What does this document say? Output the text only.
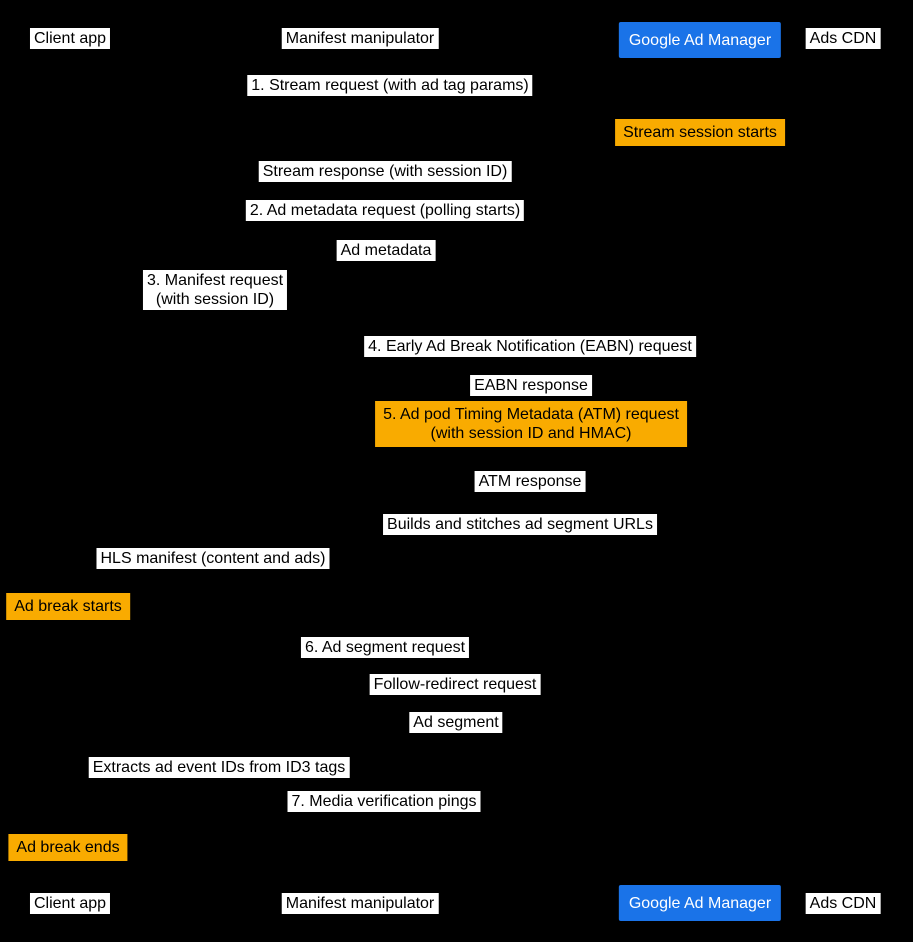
Client app	Manifest manipulator	Google Ad Manager Ads CDN
Client app	Manifest manipulator	Google Ad Manager Ads CDN
1. Stream request (with ad tag params)
Stream session starts
Stream response (with session ID)
2. Ad metadata request (polling starts)
Ad metadata
3. Manifest request
(with session ID)
4. Early Ad Break Notification (EABN) request
EABN response
5. Ad pod Timing Metadata (ATM) request
(with session ID and HMAC)
ATM response
Builds and stitches ad segment URLs
HLS manifest (content and ads)
Ad break starts
6. Ad segment request
Follow-redirect request
Ad segment
Extracts ad event IDs from ID3 tags
7. Media verification pings
Ad break ends
